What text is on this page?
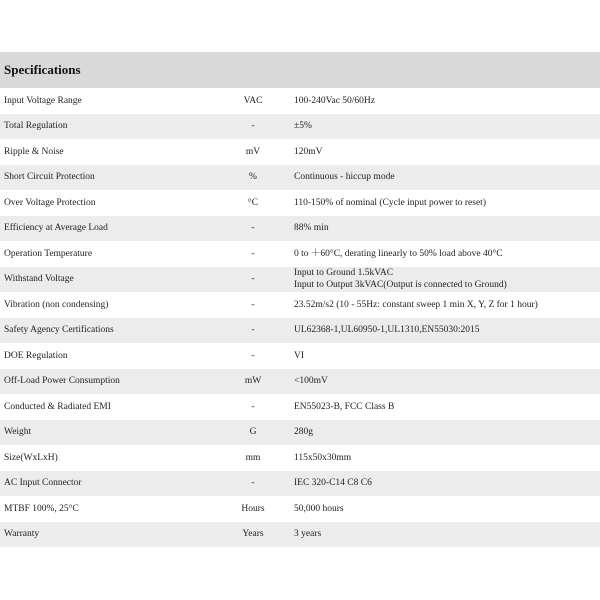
Specifications
Input Voltage Range	VAC	100-240Vac 50/60Hz

Total Regulation	-	±5%

Ripple & Noise	mV	120mV

Short Circuit Protection	%	Continuous - hiccup mode

Over Voltage Protection	°C	110-150% of nominal (Cycle input power to reset)

Efficiency at Average Load	-	88% min

Operation Temperature	-	0 to ＋60°C, derating linearly to 50% load above 40°C

Withstand Voltage	-	Input to Ground 1.5kVAC
Input to Output 3kVAC(Output is connected to Ground)

Vibration (non condensing)	-	23.52m/s2 (10 - 55Hz: constant sweep 1 min X, Y, Z for 1 hour)

Safety Agency Certifications	-	UL62368-1,UL60950-1,UL1310,EN55030:2015

DOE Regulation	-	VI

Off-Load Power Consumption	mW	<100mV

Conducted & Radiated EMI	-	EN55023-B, FCC Class B

Weight	G	280g

Size(WxLxH)	mm	115x50x30mm

AC Input Connector	-	IEC 320-C14 C8 C6

MTBF 100%, 25°C	Hours	50,000 hours

Warranty	Years	3 years
